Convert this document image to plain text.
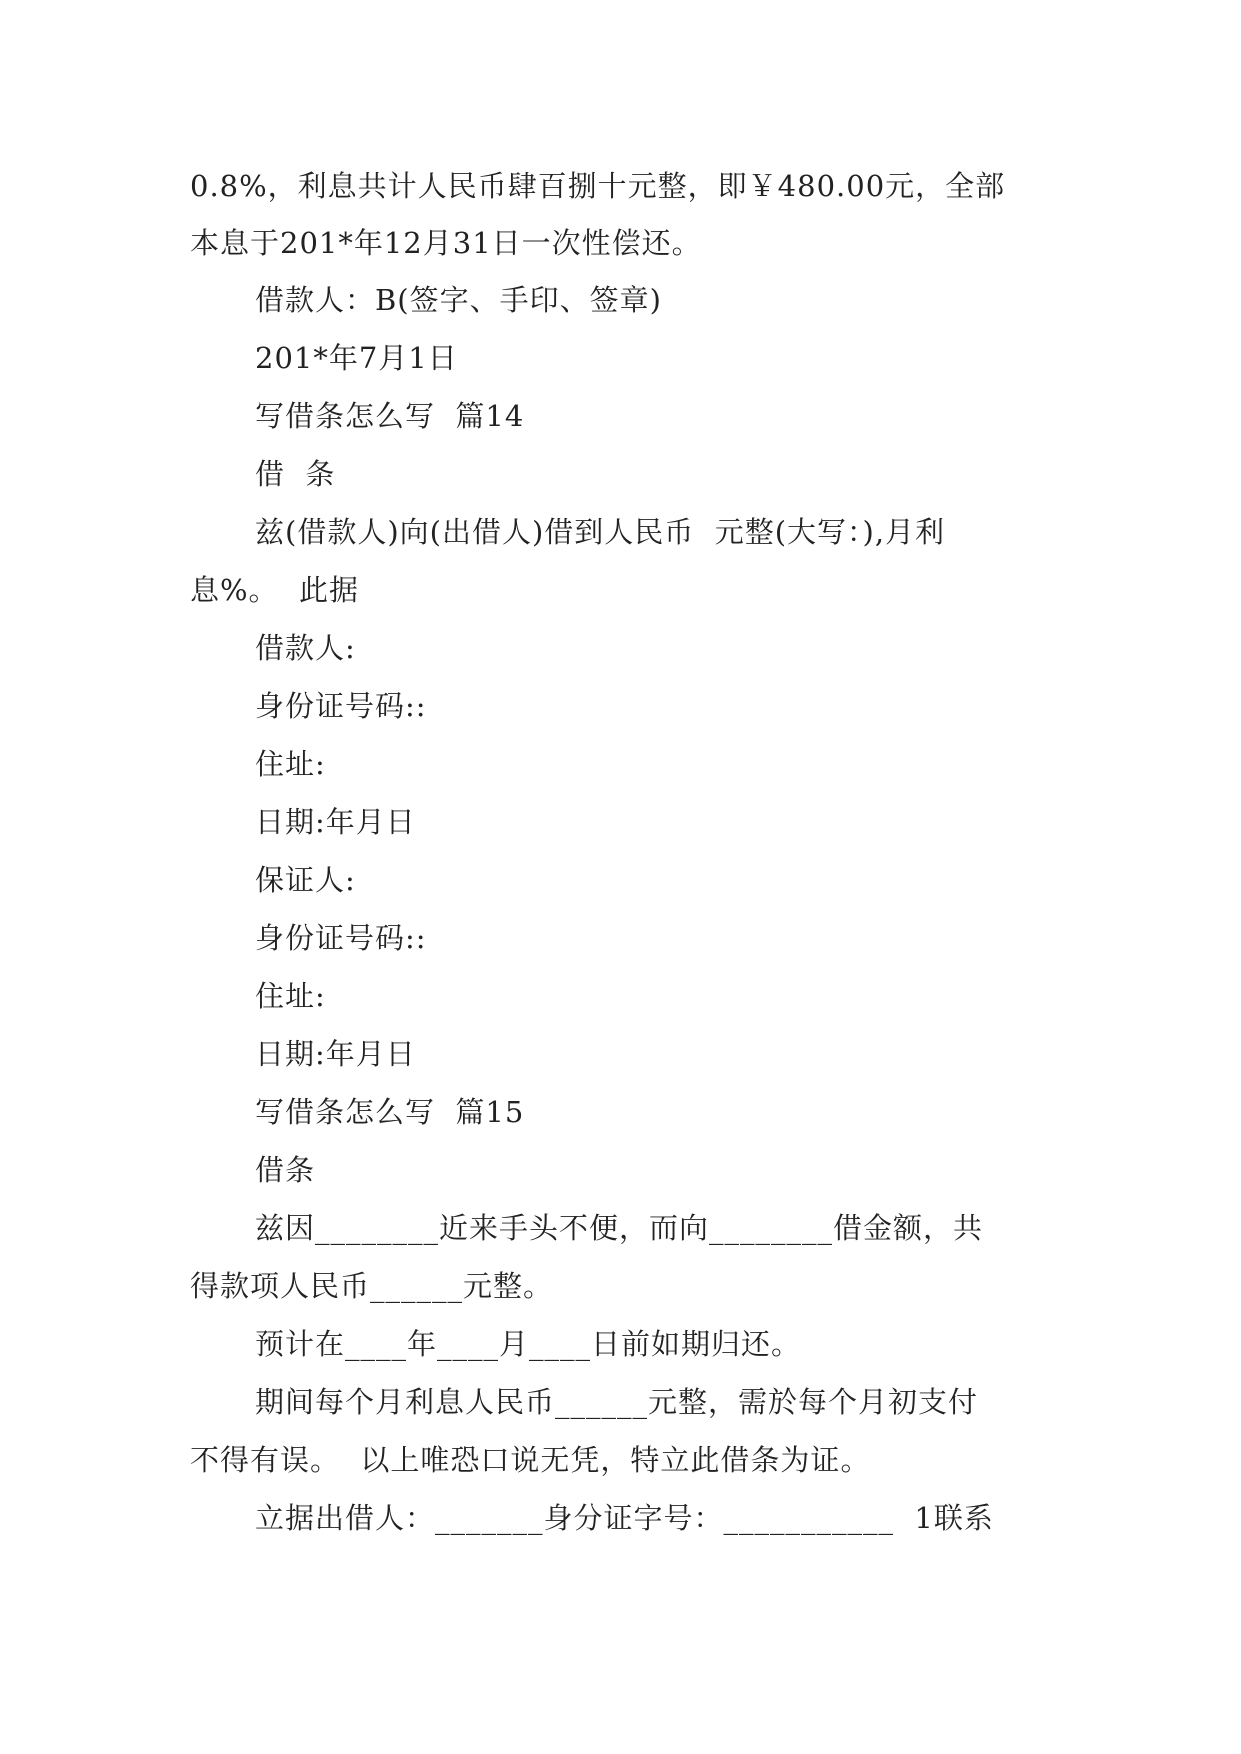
0.8%，利息共计人民币肆百捌十元整，即￥480.00元，全部
本息于201*年12月31日一次性偿还。
借款人：B(签字、手印、签章)
201*年7月1日
写借条怎么写  篇14
借  条
兹(借款人)向(出借人)借到人民币  元整(大写：),月利
息%。  此据
借款人:
身份证号码::
住址:
日期:年月日
保证人:
身份证号码::
住址:
日期:年月日
写借条怎么写  篇15
借条
兹因________近来手头不便，而向________借金额，共
得款项人民币______元整。
预计在____年____月____日前如期归还。
期间每个月利息人民币______元整，需於每个月初支付
不得有误。  以上唯恐口说无凭，特立此借条为证。
立据出借人：_______身分证字号：___________  1联系
